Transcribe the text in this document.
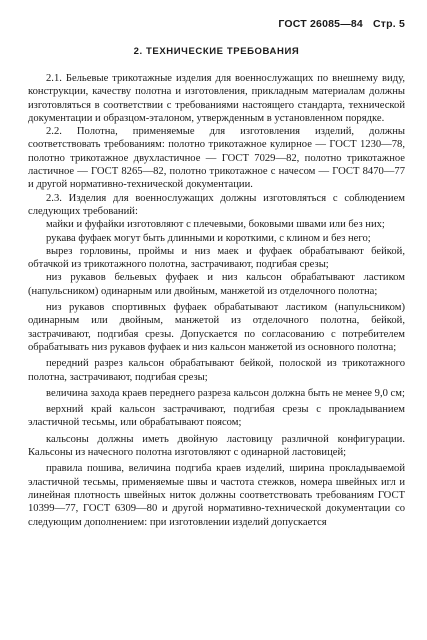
ГОСТ 26085—84 Стр. 5
2. ТЕХНИЧЕСКИЕ ТРЕБОВАНИЯ

2.1. Бельевые трикотажные изделия для военнослужащих по внешнему виду, конструкции, качеству полотна и изготовления, прикладным материалам должны изготовляться в соответствии с требованиями настоящего стандарта, технической документации и образцом-эталоном, утвержденным в установленном порядке.

2.2. Полотна, применяемые для изготовления изделий, должны соответствовать требованиям: полотно трикотажное кулирное — ГОСТ 1230—78, полотно трикотажное двухластичное — ГОСТ 7029—82, полотно трикотажное ластичное — ГОСТ 8265—82, полотно трикотажное с начесом — ГОСТ 8470—77 и другой нормативно-технической документации.

2.3. Изделия для военнослужащих должны изготовляться с соблюдением следующих требований:

майки и фуфайки изготовляют с плечевыми, боковыми швами или без них;

рукава фуфаек могут быть длинными и короткими, с клином и без него;

вырез горловины, проймы и низ маек и фуфаек обрабатывают бейкой, обтачкой из трикотажного полотна, застрачивают, подгибая срезы;

низ рукавов бельевых фуфаек и низ кальсон обрабатывают ластиком (напульсником) одинарным или двойным, манжетой из отделочного полотна;

низ рукавов спортивных фуфаек обрабатывают ластиком (напульсником) одинарным или двойным, манжетой из отделочного полотна, бейкой, застрачивают, подгибая срезы. Допускается по согласованию с потребителем обрабатывать низ рукавов фуфаек и низ кальсон манжетой из основного полотна;

передний разрез кальсон обрабатывают бейкой, полоской из трикотажного полотна, застрачивают, подгибая срезы;

величина захода краев переднего разреза кальсон должна быть не менее 9,0 см;

верхний край кальсон застрачивают, подгибая срезы с прокладыванием эластичной тесьмы, или обрабатывают поясом;

кальсоны должны иметь двойную ластовицу различной конфигурации. Кальсоны из начесного полотна изготовляют с одинарной ластовицей;

правила пошива, величина подгиба краев изделий, ширина прокладываемой эластичной тесьмы, применяемые швы и частота стежков, номера швейных игл и линейная плотность швейных ниток должны соответствовать требованиям ГОСТ 10399—77, ГОСТ 6309—80 и другой нормативно-технической документации со следующим дополнением: при изготовлении изделий допускается
